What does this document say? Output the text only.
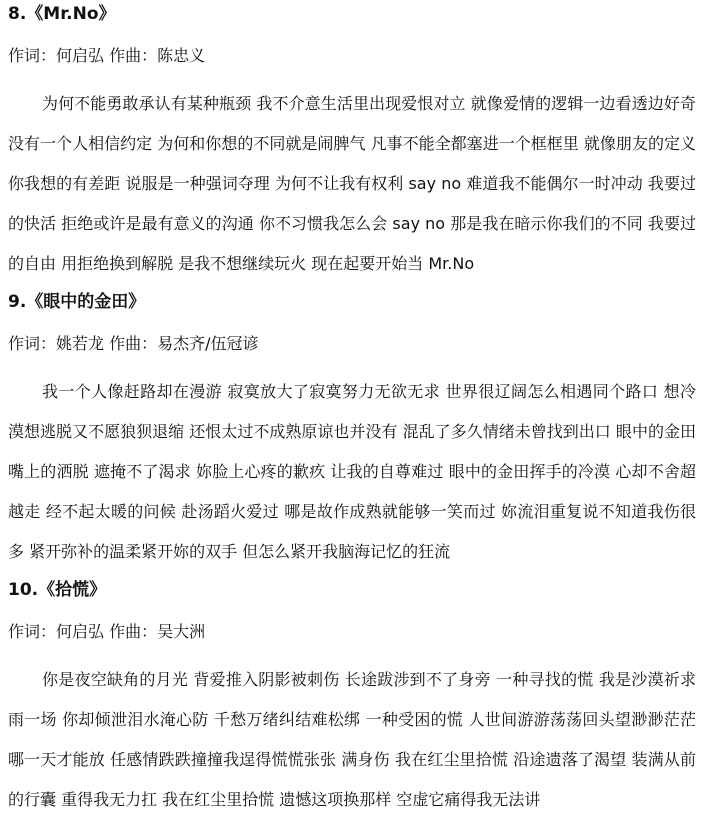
8.《Mr.No》
作词：何启弘 作曲：陈忠义

为何不能勇敢承认有某种瓶颈 我不介意生活里出现爱恨对立 就像爱情的逻辑一边看透边好奇 没有一个人相信约定 为何和你想的不同就是闹脾气 凡事不能全都塞进一个框框里 就像朋友的定义你我想的有差距 说服是一种强词夺理 为何不让我有权利 say no 难道我不能偶尔一时冲动 我要过的快活 拒绝或许是最有意义的沟通 你不习惯我怎么会 say no 那是我在暗示你我们的不同 我要过的自由 用拒绝换到解脱 是我不想继续玩火 现在起要开始当 Mr.No

9.《眼中的金田》
作词：姚若龙 作曲：易杰齐/伍冠谚

我一个人像赶路却在漫游 寂寞放大了寂寞努力无欲无求 世界很辽阔怎么相遇同个路口 想冷漠想逃脱又不愿狼狈退缩 还恨太过不成熟原谅也并没有 混乱了多久情绪未曾找到出口 眼中的金田嘴上的洒脱 遮掩不了渴求 妳脸上心疼的歉疚 让我的自尊难过 眼中的金田挥手的冷漠 心却不舍超越走 经不起太暖的问候 赴汤蹈火爱过 哪是故作成熟就能够一笑而过 妳流泪重复说不知道我伤很多 紧开弥补的温柔紧开妳的双手 但怎么紧开我脑海记忆的狂流

10.《拾慌》
作词：何启弘 作曲：吴大洲

你是夜空缺角的月光 背爱推入阴影被刺伤 长途跋涉到不了身旁 一种寻找的慌 我是沙漠祈求雨一场 你却倾泄泪水淹心防 千愁万绪纠结难松绑 一种受困的慌 人世间游游荡荡回头望渺渺茫茫 哪一天才能放 任感情跌跌撞撞我逞得慌慌张张 满身伤 我在红尘里拾慌 沿途遗落了渴望 装满从前的行囊 重得我无力扛 我在红尘里拾慌 遗憾这项换那样 空虚它痛得我无法讲
